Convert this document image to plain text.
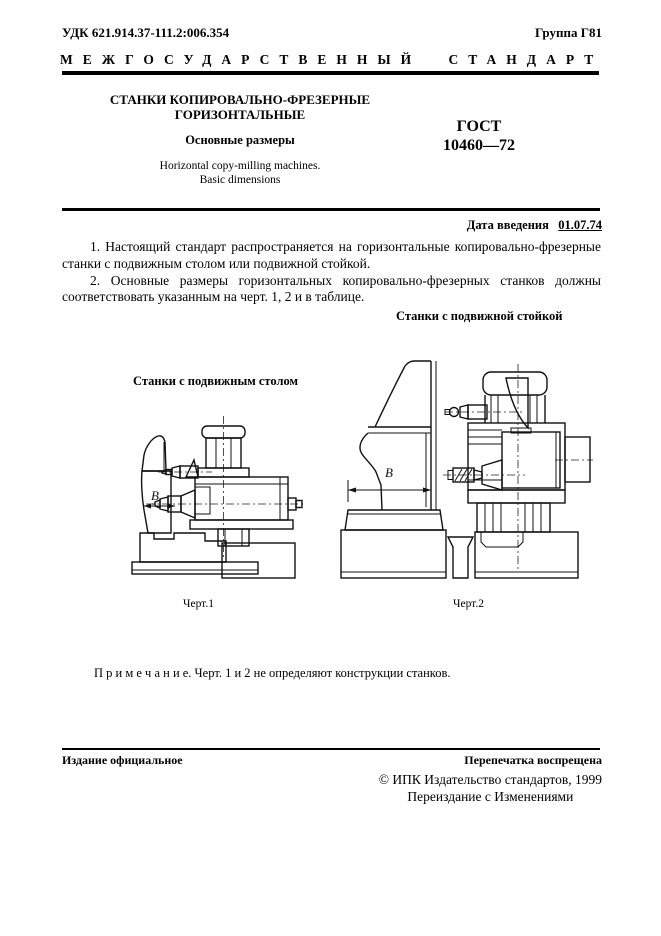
УДК 621.914.37-111.2:006.354	Группа Г81
МЕЖГОСУДАРСТВЕННЫЙ СТАНДАРТ
СТАНКИ КОПИРОВАЛЬНО-ФРЕЗЕРНЫЕ
ГОРИЗОНТАЛЬНЫЕ
Основные размеры
Horizontal copy-milling machines.
Basic dimensions
ГОСТ
10460—72
Дата введения 01.07.74

1. Настоящий стандарт распространяется на горизонтальные копировально-фрезерные станки с подвижным столом или подвижной стойкой.

2. Основные размеры горизонтальных копировально-фрезерных станков должны соответствовать указанным на черт. 1, 2 и в таблице.

Станки с подвижной стойкой
Станки с подвижным столом
В
В
Черт.1	Черт.2
П р и м е ч а н и е. Черт. 1 и 2 не определяют конструкции станков.
Издание официальное	Перепечатка воспрещена
© ИПК Издательство стандартов, 1999
Переиздание с Изменениями
